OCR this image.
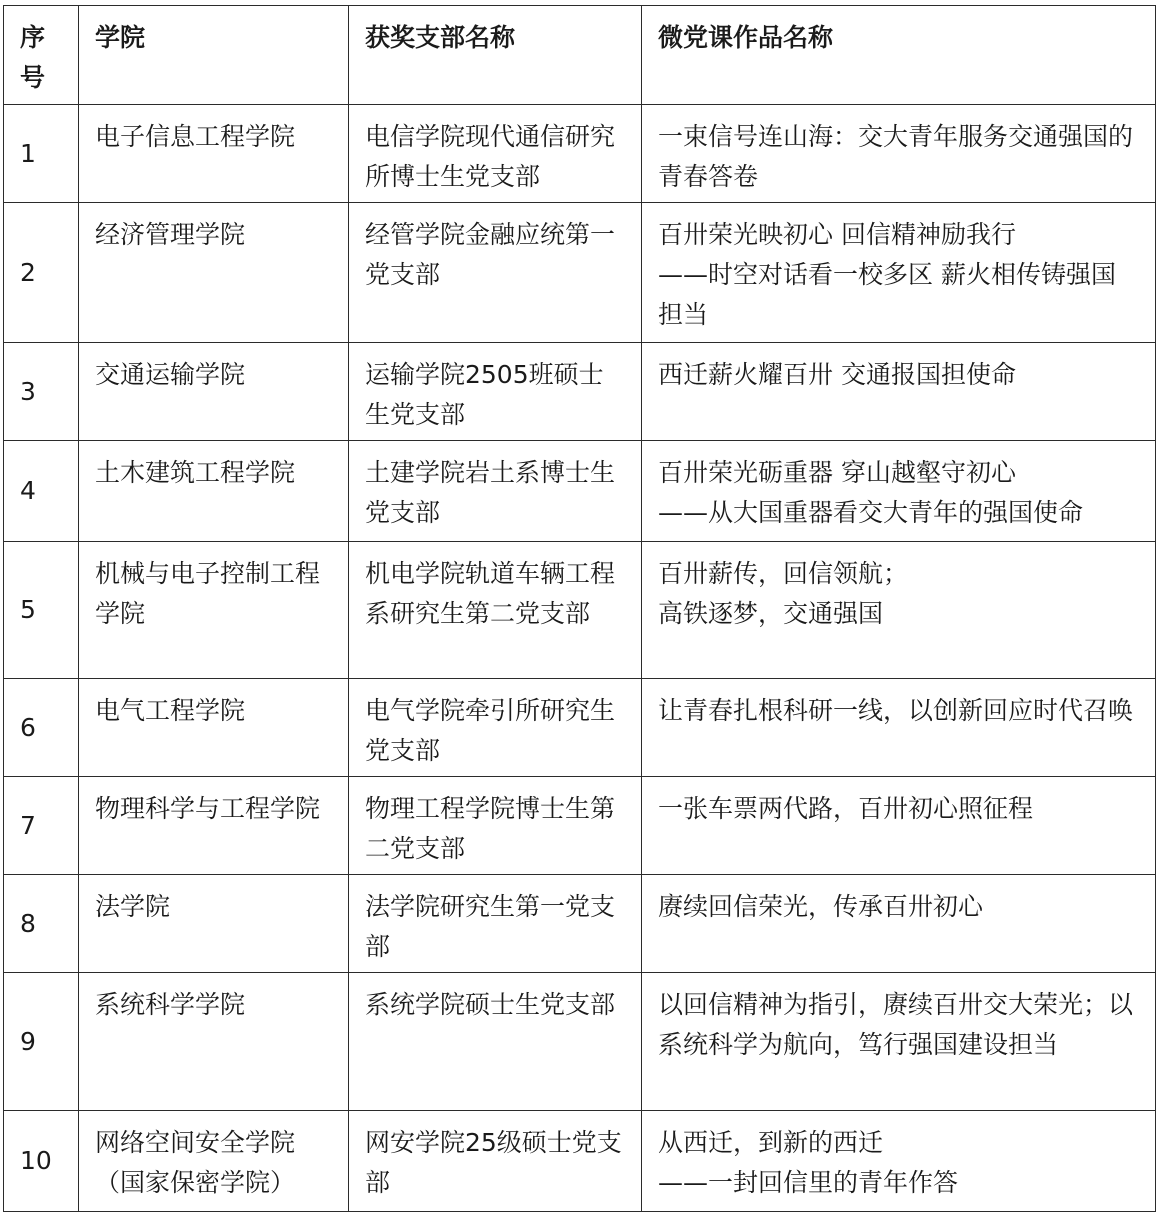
序号	学院	获奖支部名称	微党课作品名称
1	电子信息工程学院	电信学院现代通信研究所博士生党支部	一束信号连山海：交大青年服务交通强国的青春答卷

2	经济管理学院	经管学院金融应统第一党支部	百卅荣光映初心 回信精神励我行
——时空对话看一校多区 薪火相传铸强国担当

3	交通运输学院	运输学院2505班硕士生党支部	西迁薪火耀百卅 交通报国担使命

4	土木建筑工程学院	土建学院岩土系博士生党支部	百卅荣光砺重器 穿山越壑守初心
——从大国重器看交大青年的强国使命

5	机械与电子控制工程学院	机电学院轨道车辆工程系研究生第二党支部	百卅薪传，回信领航；
高铁逐梦，交通强国

6	电气工程学院	电气学院牵引所研究生党支部	让青春扎根科研一线，以创新回应时代召唤

7	物理科学与工程学院	物理工程学院博士生第二党支部	一张车票两代路，百卅初心照征程

8	法学院	法学院研究生第一党支部	赓续回信荣光，传承百卅初心

9	系统科学学院	系统学院硕士生党支部	以回信精神为指引，赓续百卅交大荣光；以系统科学为航向，笃行强国建设担当

10	网络空间安全学院（国家保密学院）	网安学院25级硕士党支部	从西迁，到新的西迁
——一封回信里的青年作答
